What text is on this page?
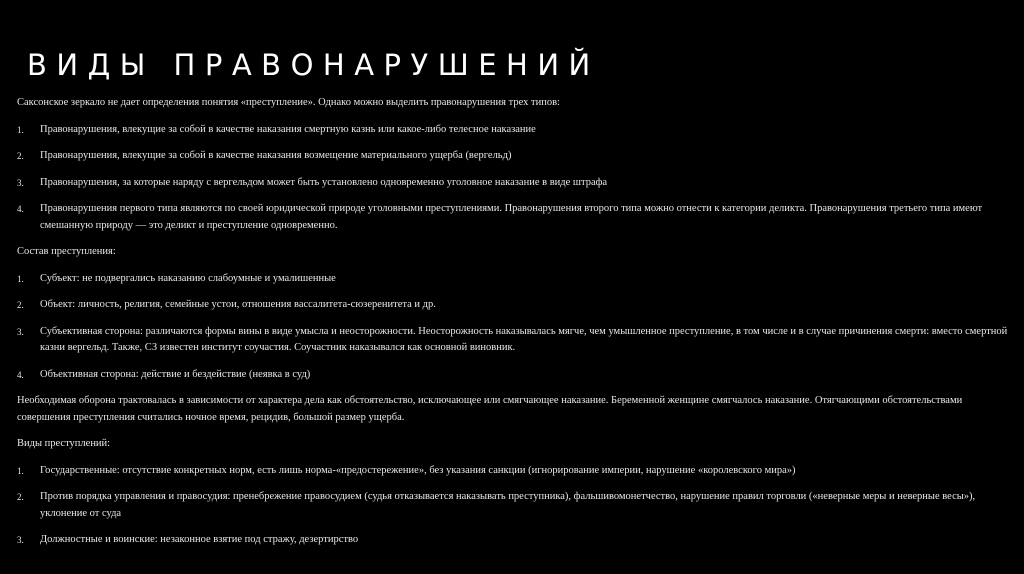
ВИДЫ ПРАВОНАРУШЕНИЙ

Саксонское зеркало не дает определения понятия «преступление». Однако можно выделить правонарушения трех типов:

1. Правонарушения, влекущие за собой в качестве наказания смертную казнь или какое-либо телесное наказание
2. Правонарушения, влекущие за собой в качестве наказания возмещение материального ущерба (вергельд)
3. Правонарушения, за которые наряду с вергельдом может быть установлено одновременно уголовное наказание в виде штрафа
4. Правонарушения первого типа являются по своей юридической природе уголовными преступлениями. Правонарушения второго типа можно отнести к категории деликта. Правонарушения третьего типа имеют смешанную природу — это деликт и преступление одновременно.

Состав преступления:

1. Субъект: не подвергались наказанию слабоумные и умалишенные
2. Объект: личность, религия, семейные устои, отношения вассалитета-сюзеренитета и др.
3. Субъективная сторона: различаются формы вины в виде умысла и неосторожности. Неосторожность наказывалась мягче, чем умышленное преступление, в том числе и в случае причинения смерти: вместо смертной казни вергельд. Также, СЗ известен институт соучастия. Соучастник наказывался как основной виновник.
4. Объективная сторона: действие и бездействие (неявка в суд)

Необходимая оборона трактовалась в зависимости от характера дела как обстоятельство, исключающее или смягчающее наказание. Беременной женщине смягчалось наказание. Отягчающими обстоятельствами совершения преступления считались ночное время, рецидив, большой размер ущерба.

Виды преступлений:

1. Государственные: отсутствие конкретных норм, есть лишь норма-«предостережение», без указания санкции (игнорирование империи, нарушение «королевского мира»)
2. Против порядка управления и правосудия: пренебрежение правосудием (судья отказывается наказывать преступника), фальшивомонетчество, нарушение правил торговли («неверные меры и неверные весы»), уклонение от суда
3. Должностные и воинские: незаконное взятие под стражу, дезертирство
